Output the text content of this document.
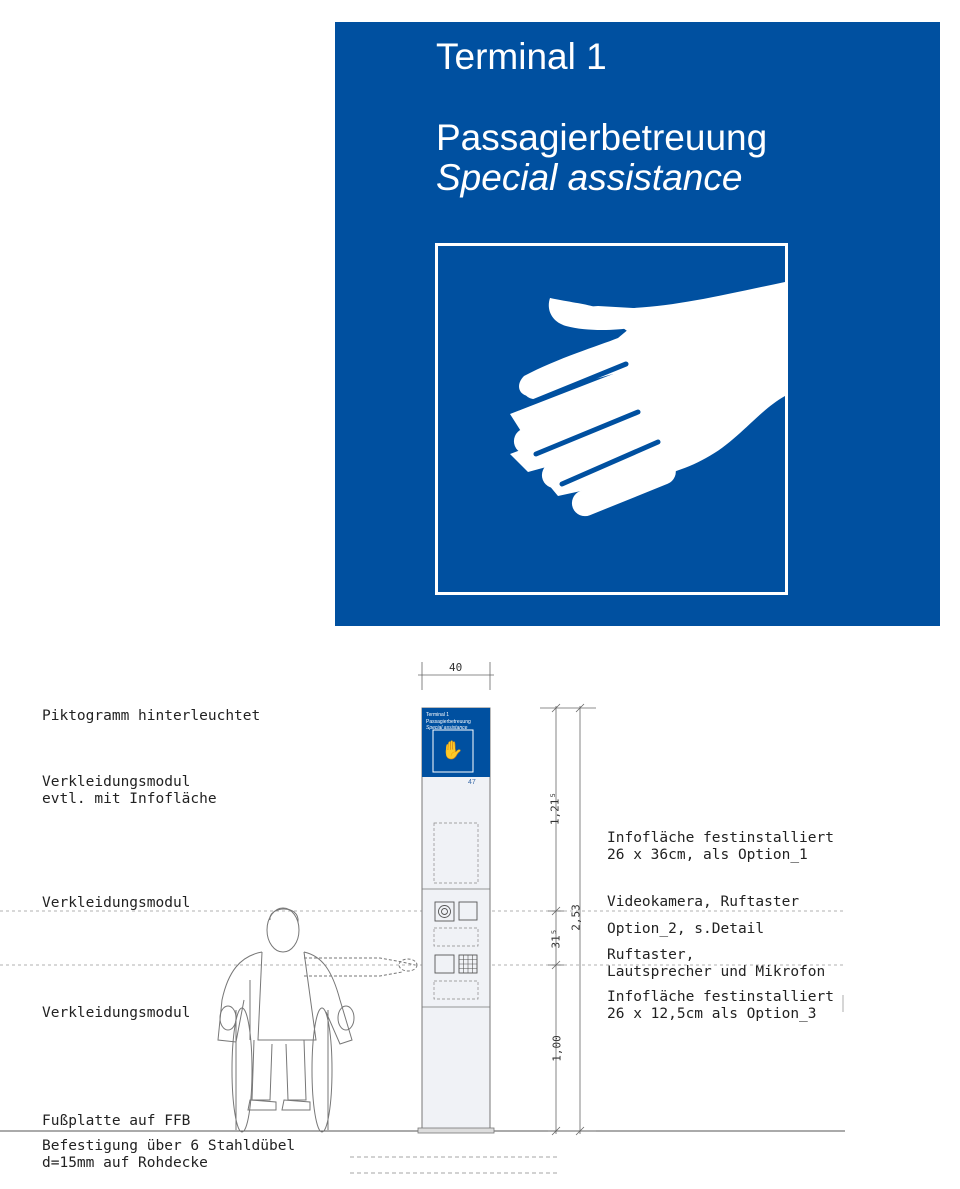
Terminal 1

Passagierbetreuung

Special assistance

Terminal 1
Passagierbetreuung
Special assistance
✋
47
40
1,21⁵
31⁵
1,00
2,53

Piktogramm hinterleuchtet

Verkleidungsmodul
evtl. mit Infofläche

Verkleidungsmodul

Verkleidungsmodul

Fußplatte auf FFB

Befestigung über 6 Stahldübel
d=15mm auf Rohdecke

Infofläche festinstalliert
26 x 36cm, als Option_1

Videokamera, Ruftaster

Option_2, s.Detail

Ruftaster,
Lautsprecher und Mikrofon

Infofläche festinstalliert
26 x 12,5cm als Option_3
